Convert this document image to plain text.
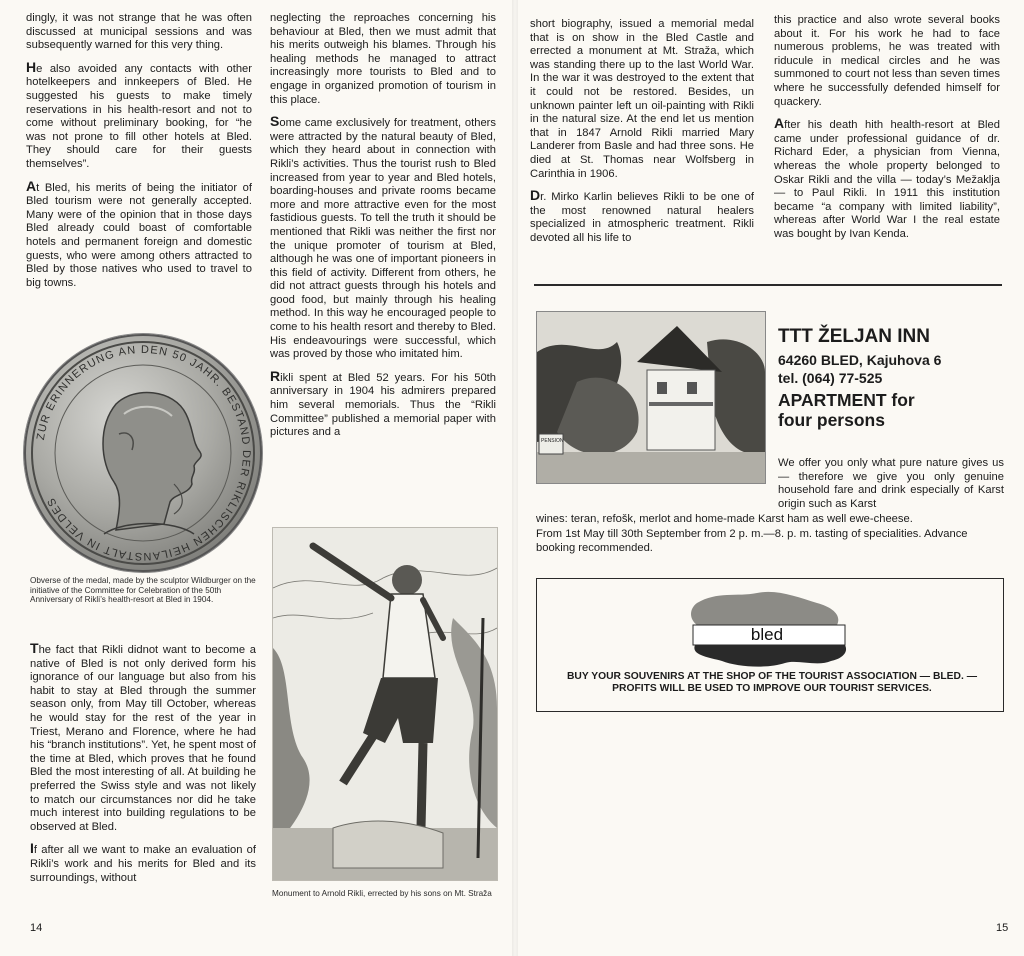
dingly, it was not strange that he was often discussed at municipal sessions and was subsequently warned for this very thing.

He also avoided any contacts with other hotelkeepers and innkeepers of Bled. He suggested his guests to make timely reservations in his health-resort and not to come without preliminary booking, for “he was not prone to fill other hotels at Bled. They should care for their guests themselves”.

At Bled, his merits of being the initiator of Bled tourism were not generally accepted. Many were of the opinion that in those days Bled already could boast of comfortable hotels and permanent foreign and domestic guests, who were among others attracted to Bled by those natives who used to travel to big towns.

ZUR ERINNERUNG AN DEN 50 JAHR. BESTAND DER RIKLISCHEN HEILANSTALT IN VELDES
Obverse of the medal, made by the sculptor Wildburger on the initiative of the Committee for Celebration of the 50th Anniversary of Rikli’s health-resort at Bled in 1904.

The fact that Rikli didnot want to become a native of Bled is not only derived form his ignorance of our language but also from his habit to stay at Bled through the summer season only, from May till October, whereas he would stay for the rest of the year in Triest, Merano and Florence, where he had his “branch institutions”. Yet, he spent most of the time at Bled, which proves that he found Bled the most interesting of all. At building he preferred the Swiss style and was not likely to match our circumstances nor did he take much interest into building regulations to be observed at Bled.

If after all we want to make an evaluation of Rikli’s work and his merits for Bled and its surroundings, without

neglecting the reproaches concerning his behaviour at Bled, then we must admit that his merits outweigh his blames. Through his healing methods he managed to attract increasingly more tourists to Bled and to engage in organized promotion of tourism in this place.

Some came exclusively for treatment, others were attracted by the natural beauty of Bled, which they heard about in connection with Rikli’s activities. Thus the tourist rush to Bled increased from year to year and Bled hotels, boarding-houses and private rooms became more and more attractive even for the most fastidious guests. To tell the truth it should be mentioned that Rikli was neither the first nor the unique promoter of tourism at Bled, although he was one of important pioneers in this field of activity. Different from others, he did not attract guests through his hotels and good food, but mainly through his healing method. In this way he encouraged people to come to his health resort and thereby to Bled. His endeavourings were successful, which was proved by those who imitated him.

Rikli spent at Bled 52 years. For his 50th anniversary in 1904 his admirers prepared him several memorials. Thus the “Rikli Committee” published a memorial paper with pictures and a

Monument to Arnold Rikli, errected by his sons on Mt. Straža
14

short biography, issued a memorial medal that is on show in the Bled Castle and errected a monument at Mt. Straža, which was standing there up to the last World War. In the war it was destroyed to the extent that it could not be restored. Besides, un unknown painter left un oil-painting with Rikli in the natural size. At the end let us mention that in 1847 Arnold Rikli married Mary Landerer from Basle and had three sons. He died at St. Thomas near Wolfsberg in Carinthia in 1906.

Dr. Mirko Karlin believes Rikli to be one of the most renowned natural healers specialized in atmospheric treatment. Rikli devoted all his life to

this practice and also wrote several books about it. For his work he had to face numerous problems, he was treated with riducule in medical circles and he was summoned to court not less than seven times where he successfully defended himself for quackery.

After his death hith health-resort at Bled came under professional guidance of dr. Richard Eder, a physician from Vienna, whereas the whole property belonged to Oskar Rikli and the villa — today’s Mežaklja — to Paul Rikli. In 1911 this institution became “a company with limited liability”, whereas after World War I the real estate was bought by Ivan Kenda.

PENSION
TTT ŽELJAN INN
64260 BLED, Kajuhova 6
tel. (064) 77-525
APARTMENT for
four persons
We offer you only what pure nature gives us — therefore we give you only genuine household fare and drink especially of Karst origin such as Karst
wines: teran, refošk, merlot and home-made Karst ham as well ewe-cheese.
From 1st May till 30th September from 2 p. m.—8. p. m. tasting of specialities. Advance booking recommended.
bled
BUY YOUR SOUVENIRS AT THE SHOP OF THE TOURIST ASSOCIATION — BLED. — PROFITS WILL BE USED TO IMPROVE OUR TOURIST SERVICES.
15
